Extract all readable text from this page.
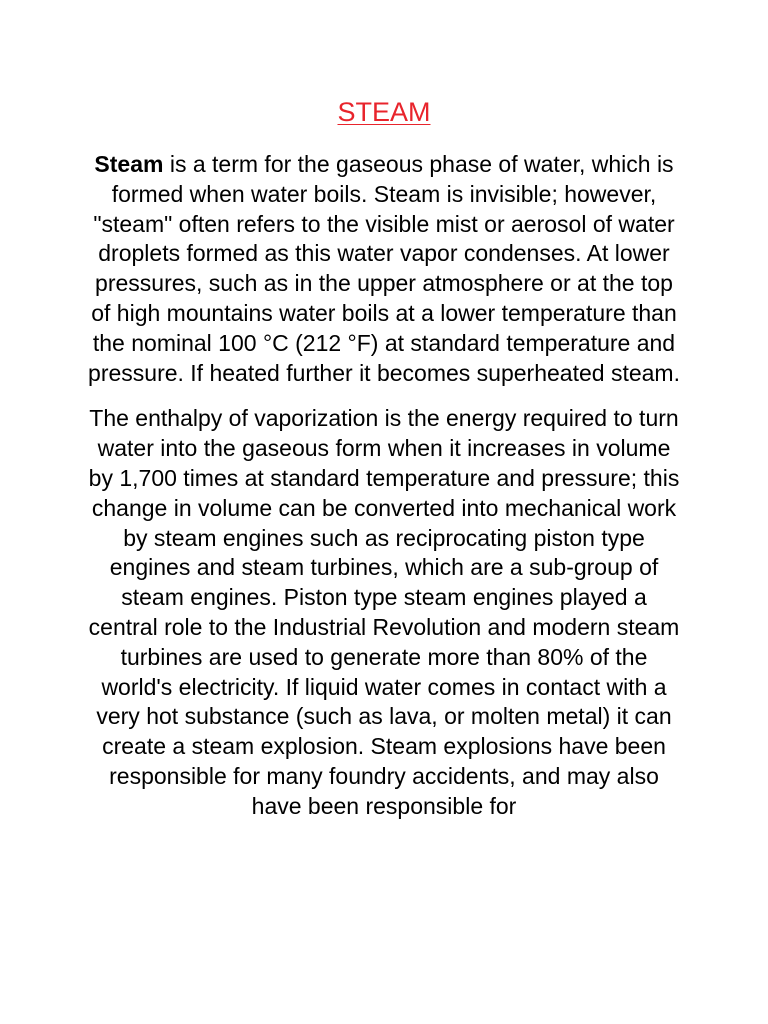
STEAM

Steam is a term for the gaseous phase of water, which is formed when water boils. Steam is invisible; however, "steam" often refers to the visible mist or aerosol of water droplets formed as this water vapor condenses. At lower pressures, such as in the upper atmosphere or at the top of high mountains water boils at a lower temperature than the nominal 100 °C (212 °F) at standard temperature and pressure. If heated further it becomes superheated steam.

The enthalpy of vaporization is the energy required to turn water into the gaseous form when it increases in volume by 1,700 times at standard temperature and pressure; this change in volume can be converted into mechanical work by steam engines such as reciprocating piston type engines and steam turbines, which are a sub-group of steam engines. Piston type steam engines played a central role to the Industrial Revolution and modern steam turbines are used to generate more than 80% of the world's electricity. If liquid water comes in contact with a very hot substance (such as lava, or molten metal) it can create a steam explosion. Steam explosions have been responsible for many foundry accidents, and may also have been responsible for
